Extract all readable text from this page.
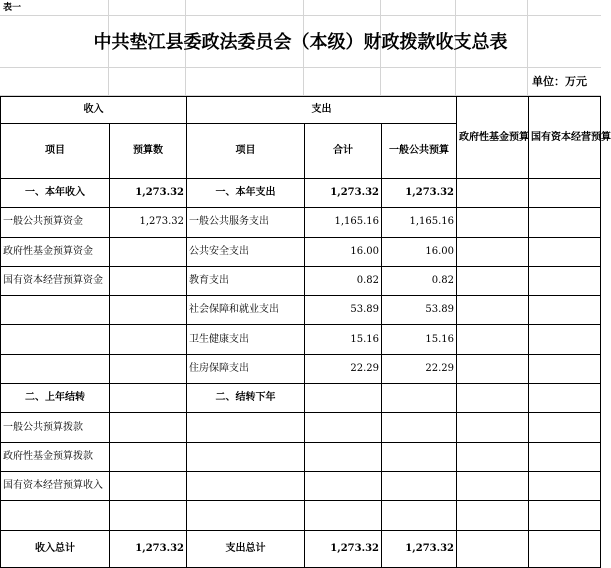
表一
中共垫江县委政法委员会（本级）财政拨款收支总表
单位：万元
收入		支出			政府性基金预算	国有资本经营预算
项目	预算数	项目	合计	一般公共预算		
一、本年收入	1,273.32	一、本年支出	1,273.32	1,273.32		
一般公共预算资金	1,273.32	一般公共服务支出	1,165.16	1,165.16		
政府性基金预算资金		公共安全支出	16.00	16.00		
国有资本经营预算资金		教育支出	0.82	0.82		
		社会保障和就业支出	53.89	53.89		
		卫生健康支出	15.16	15.16		
		住房保障支出	22.29	22.29		
二、上年结转		二、结转下年				
一般公共预算拨款						
政府性基金预算拨款						
国有资本经营预算收入						

收入总计	1,273.32	支出总计	1,273.32	1,273.32		
